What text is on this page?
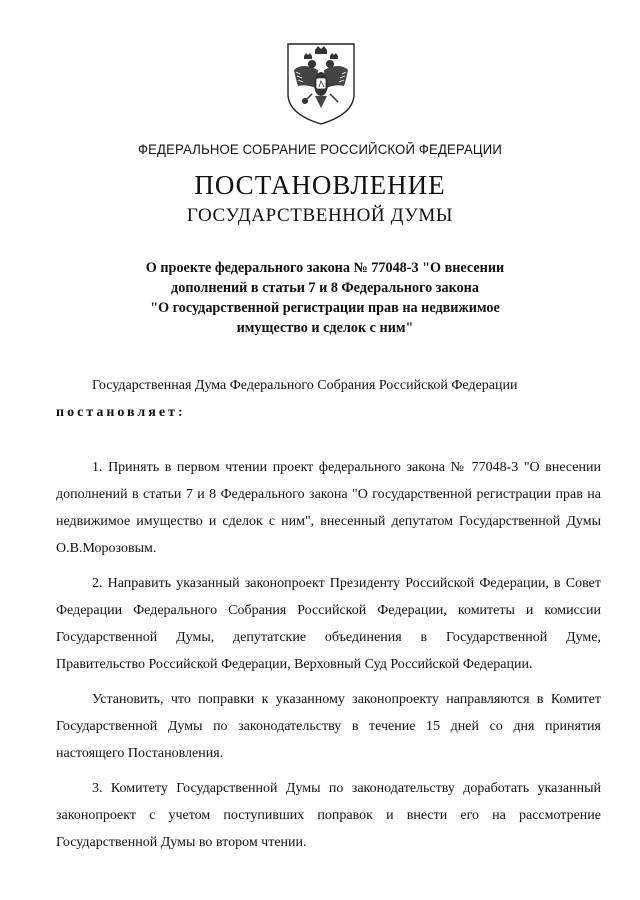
ФЕДЕРАЛЬНОЕ СОБРАНИЕ РОССИЙСКОЙ ФЕДЕРАЦИИ
ПОСТАНОВЛЕНИЕ
ГОСУДАРСТВЕННОЙ ДУМЫ
О проекте федерального закона № 77048-3 "О внесении
дополнений в статьи 7 и 8 Федерального закона
"О государственной регистрации прав на недвижимое
имущество и сделок с ним"

Государственная Дума Федерального Собрания Российской Федерации

постановляет:

1. Принять в первом чтении проект федерального закона № 77048-3 "О внесении дополнений в статьи 7 и 8 Федерального закона "О государственной регистрации прав на недвижимое имущество и сделок с ним", внесенный депутатом Государственной Думы О.В.Морозовым.

2. Направить указанный законопроект Президенту Российской Федерации, в Совет Федерации Федерального Собрания Российской Федерации, комитеты и комиссии Государственной Думы, депутатские объединения в Государственной Думе, Правительство Российской Федерации, Верховный Суд Российской Федерации.

Установить, что поправки к указанному законопроекту направляются в Комитет Государственной Думы по законодательству в течение 15 дней со дня принятия настоящего Постановления.

3. Комитету Государственной Думы по законодательству доработать указанный законопроект с учетом поступивших поправок и внести его на рассмотрение Государственной Думы во втором чтении.
